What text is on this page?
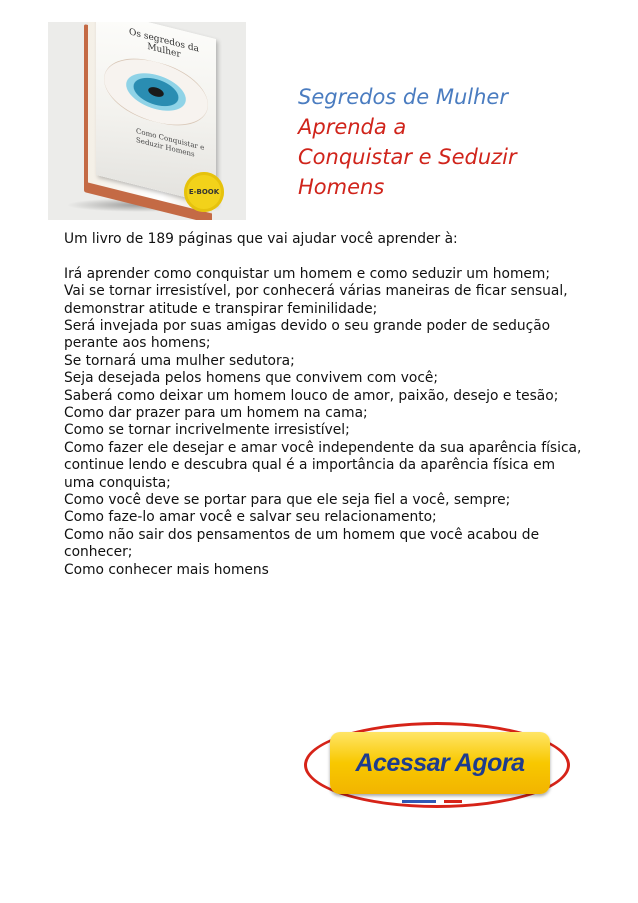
Os segredos da Mulher
Como Conquistar e Seduzir Homens
E-BOOK
Segredos de Mulher
Aprenda a
Conquistar e Seduzir
Homens

Um livro de 189 páginas que vai ajudar você aprender à:

Irá aprender como conquistar um homem e como seduzir um homem;

Vai se tornar irresistível, por conhecerá várias maneiras de ficar sensual, demonstrar atitude e transpirar feminilidade;

Será invejada por suas amigas devido o seu grande poder de sedução perante aos homens;

Se tornará uma mulher sedutora;

Seja desejada pelos homens que convivem com você;

Saberá como deixar um homem louco de amor, paixão, desejo e tesão;

Como dar prazer para um homem na cama;

Como se tornar incrivelmente irresistível;

Como fazer ele desejar e amar você independente da sua aparência física, continue lendo e descubra qual é a importância da aparência física em uma conquista;

Como você deve se portar para que ele seja fiel a você, sempre;

Como faze-lo amar você e salvar seu relacionamento;

Como não sair dos pensamentos de um homem que você acabou de conhecer;

Como conhecer mais homens

Acessar Agora
